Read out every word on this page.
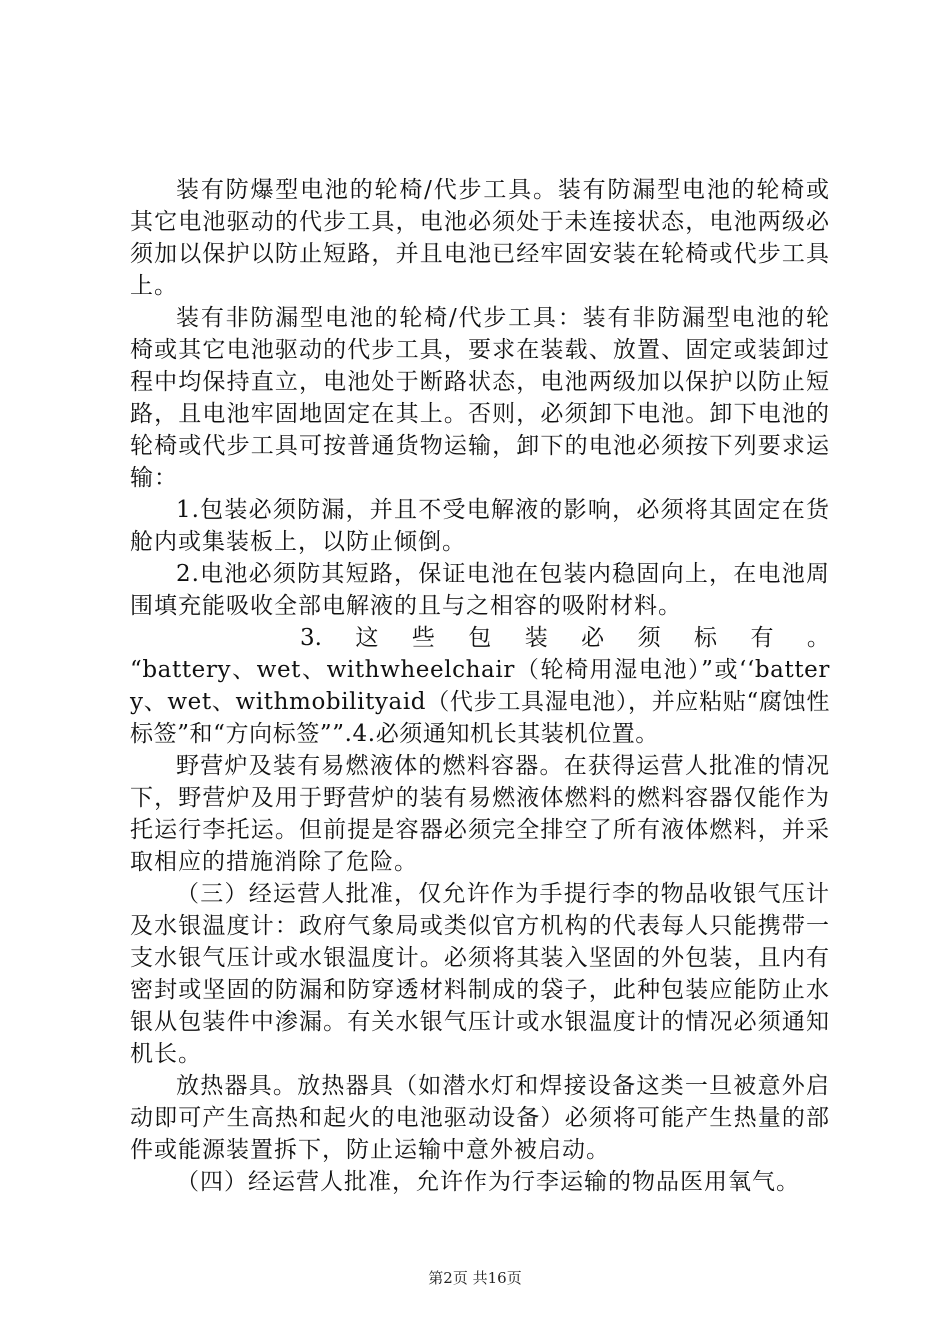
装有防爆型电池的轮椅/代步工具。装有防漏型电池的轮椅或其它电池驱动的代步工具，电池必须处于未连接状态，电池两级必须加以保护以防止短路，并且电池已经牢固安装在轮椅或代步工具上。

装有非防漏型电池的轮椅/代步工具：装有非防漏型电池的轮椅或其它电池驱动的代步工具，要求在装载、放置、固定或装卸过程中均保持直立，电池处于断路状态，电池两级加以保护以防止短路，且电池牢固地固定在其上。否则，必须卸下电池。卸下电池的轮椅或代步工具可按普通货物运输，卸下的电池必须按下列要求运输：

1.包装必须防漏，并且不受电解液的影响，必须将其固定在货舱内或集装板上，以防止倾倒。

2.电池必须防其短路，保证电池在包装内稳固向上，在电池周围填充能吸收全部电解液的且与之相容的吸附材料。

3. 这 些 包 装 必 须 标 有 。

“battery、wet、withwheelchair（轮椅用湿电池）”或‘‘battery、wet、withmobilityaid（代步工具湿电池），并应粘贴“腐蚀性标签”和“方向标签””.4.必须通知机长其装机位置。

野营炉及装有易燃液体的燃料容器。在获得运营人批准的情况下，野营炉及用于野营炉的装有易燃液体燃料的燃料容器仅能作为托运行李托运。但前提是容器必须完全排空了所有液体燃料，并采取相应的措施消除了危险。

（三）经运营人批准，仅允许作为手提行李的物品收银气压计及水银温度计：政府气象局或类似官方机构的代表每人只能携带一支水银气压计或水银温度计。必须将其装入坚固的外包装，且内有密封或坚固的防漏和防穿透材料制成的袋子，此种包装应能防止水银从包装件中渗漏。有关水银气压计或水银温度计的情况必须通知机长。

放热器具。放热器具（如潜水灯和焊接设备这类一旦被意外启动即可产生高热和起火的电池驱动设备）必须将可能产生热量的部件或能源装置拆下，防止运输中意外被启动。

（四）经运营人批准，允许作为行李运输的物品医用氧气。

第2页 共16页
